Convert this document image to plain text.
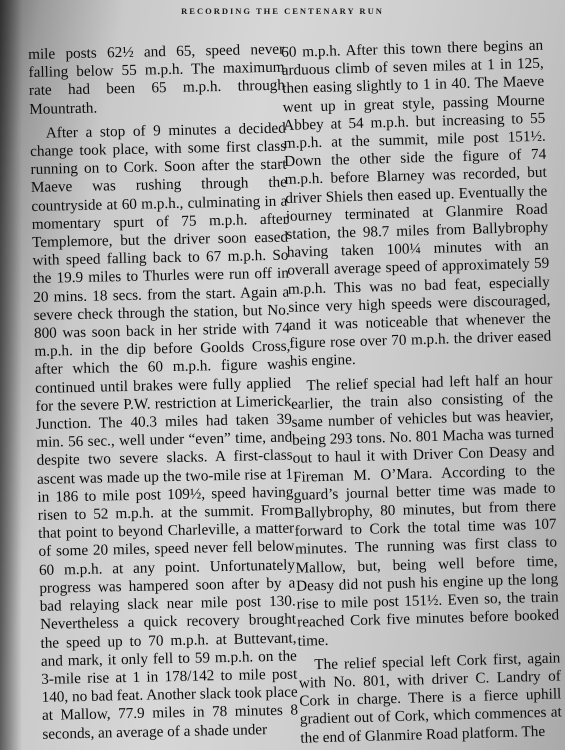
RECORDING THE CENTENARY RUN

mile posts 62½ and 65, speed never falling below 55 m.p.h. The maximum rate had been 65 m.p.h. through Mountrath.

After a stop of 9 minutes a decided change took place, with some first class running on to Cork. Soon after the start Maeve was rushing through the countryside at 60 m.p.h., culminating in a momentary spurt of 75 m.p.h. after Templemore, but the driver soon eased with speed falling back to 67 m.p.h. So the 19.9 miles to Thurles were run off in 20 mins. 18 secs. from the start. Again a severe check through the station, but No. 800 was soon back in her stride with 74 m.p.h. in the dip before Goolds Cross, after which the 60 m.p.h. figure was continued until brakes were fully applied for the severe P.W. restriction at Limerick Junction. The 40.3 miles had taken 39 min. 56 sec., well under “even” time, and despite two severe slacks. A first-class ascent was made up the two-mile rise at 1 in 186 to mile post 109½, speed having risen to 52 m.p.h. at the summit. From that point to beyond Charleville, a matter of some 20 miles, speed never fell below 60 m.p.h. at any point. Unfortunately progress was hampered soon after by a bad relaying slack near mile post 130. Nevertheless a quick recovery brought the speed up to 70 m.p.h. at Buttevant, and mark, it only fell to 59 m.p.h. on the 3-mile rise at 1 in 178/142 to mile post 140, no bad feat. Another slack took place at Mallow, 77.9 miles in 78 minutes 8 seconds, an average of a shade under

60 m.p.h. After this town there begins an arduous climb of seven miles at 1 in 125, then easing slightly to 1 in 40. The Maeve went up in great style, passing Mourne Abbey at 54 m.p.h. but increasing to 55 m.p.h. at the summit, mile post 151½. Down the other side the figure of 74 m.p.h. before Blarney was recorded, but driver Shiels then eased up. Eventually the journey terminated at Glanmire Road station, the 98.7 miles from Ballybrophy having taken 100¼ minutes with an overall average speed of approximately 59 m.p.h. This was no bad feat, especially since very high speeds were discouraged, and it was noticeable that whenever the figure rose over 70 m.p.h. the driver eased his engine.

The relief special had left half an hour earlier, the train also consisting of the same number of vehicles but was heavier, being 293 tons. No. 801 Macha was turned out to haul it with Driver Con Deasy and Fireman M. O’Mara. According to the guard’s journal better time was made to Ballybrophy, 80 minutes, but from there forward to Cork the total time was 107 minutes. The running was first class to Mallow, but, being well before time, Deasy did not push his engine up the long rise to mile post 151½. Even so, the train reached Cork five minutes before booked time.

The relief special left Cork first, again with No. 801, with driver C. Landry of Cork in charge. There is a fierce uphill gradient out of Cork, which commences at the end of Glanmire Road platform. The
